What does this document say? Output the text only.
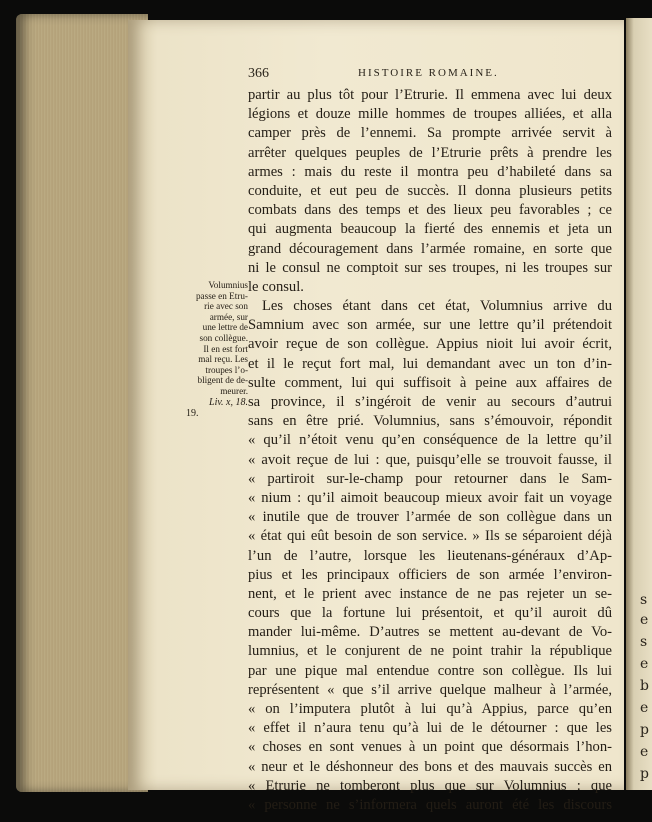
s
e
s
e
b
e
p
e
p
366	HISTOIRE ROMAINE.
partir au plus tôt pour l’Etrurie. Il emmena avec lui deux
légions et douze mille hommes de troupes alliées, et alla
camper près de l’ennemi. Sa prompte arrivée servit à
arrêter quelques peuples de l’Etrurie prêts à prendre les
armes : mais du reste il montra peu d’habileté dans sa
conduite, et eut peu de succès. Il donna plusieurs petits
combats dans des temps et des lieux peu favorables ; ce
qui augmenta beaucoup la fierté des ennemis et jeta un
grand découragement dans l’armée romaine, en sorte que
ni le consul ne comptoit sur ses troupes, ni les troupes sur
le consul.
Les choses étant dans cet état, Volumnius arrive du
Samnium avec son armée, sur une lettre qu’il prétendoit
avoir reçue de son collègue. Appius nioit lui avoir écrit,
et il le reçut fort mal, lui demandant avec un ton d’in-
sulte comment, lui qui suffisoit à peine aux affaires de
sa province, il s’ingéroit de venir au secours d’autrui
sans en être prié. Volumnius, sans s’émouvoir, répondit
« qu’il n’étoit venu qu’en conséquence de la lettre qu’il
« avoit reçue de lui : que, puisqu’elle se trouvoit fausse, il
« partiroit sur-le-champ pour retourner dans le Sam-
« nium : qu’il aimoit beaucoup mieux avoir fait un voyage
« inutile que de trouver l’armée de son collègue dans un
« état qui eût besoin de son service. » Ils se séparoient déjà
l’un de l’autre, lorsque les lieutenans-généraux d’Ap-
pius et les principaux officiers de son armée l’environ-
nent, et le prient avec instance de ne pas rejeter un se-
cours que la fortune lui présentoit, et qu’il auroit dû
mander lui-même. D’autres se mettent au-devant de Vo-
lumnius, et le conjurent de ne point trahir la république
par une pique mal entendue contre son collègue. Ils lui
représentent « que s’il arrive quelque malheur à l’armée,
« on l’imputera plutôt à lui qu’à Appius, parce qu’en
« effet il n’aura tenu qu’à lui de le détourner : que les
« choses en sont venues à un point que désormais l’hon-
« neur et le déshonneur des bons et des mauvais succès en
« Etrurie ne tomberont plus que sur Volumnius : que
« personne ne s’informera quels auront été les discours
Volumnius
passe en Etru-
rie avec son
armée, sur
une lettre de
son collègue.
Il en est fort
mal reçu. Les
troupes l’o-
bligent de de-
meurer.
Liv. x, 18.
19.
